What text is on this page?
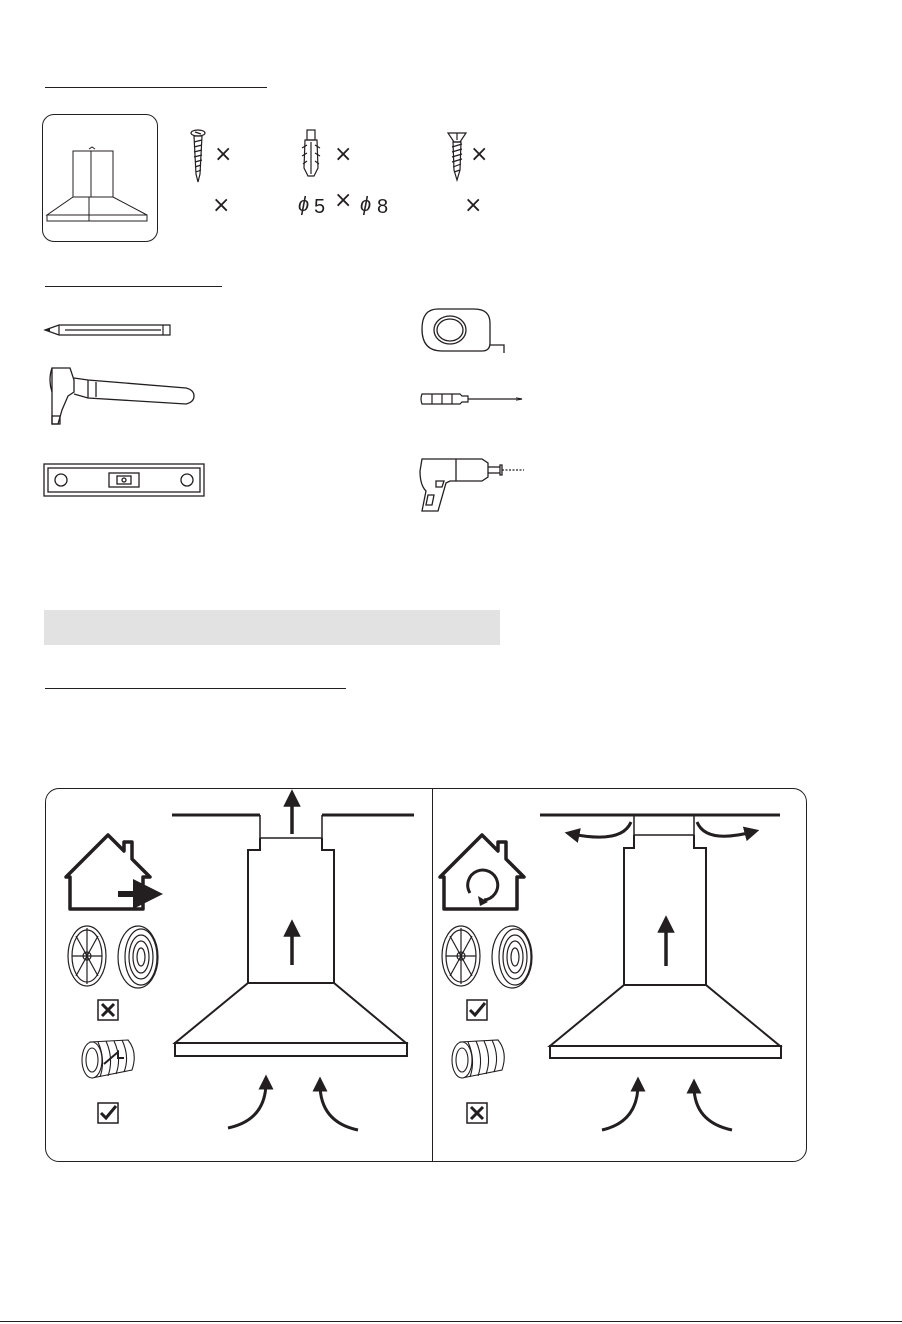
×	×	×
×	ϕ 5 × ϕ 8	×
